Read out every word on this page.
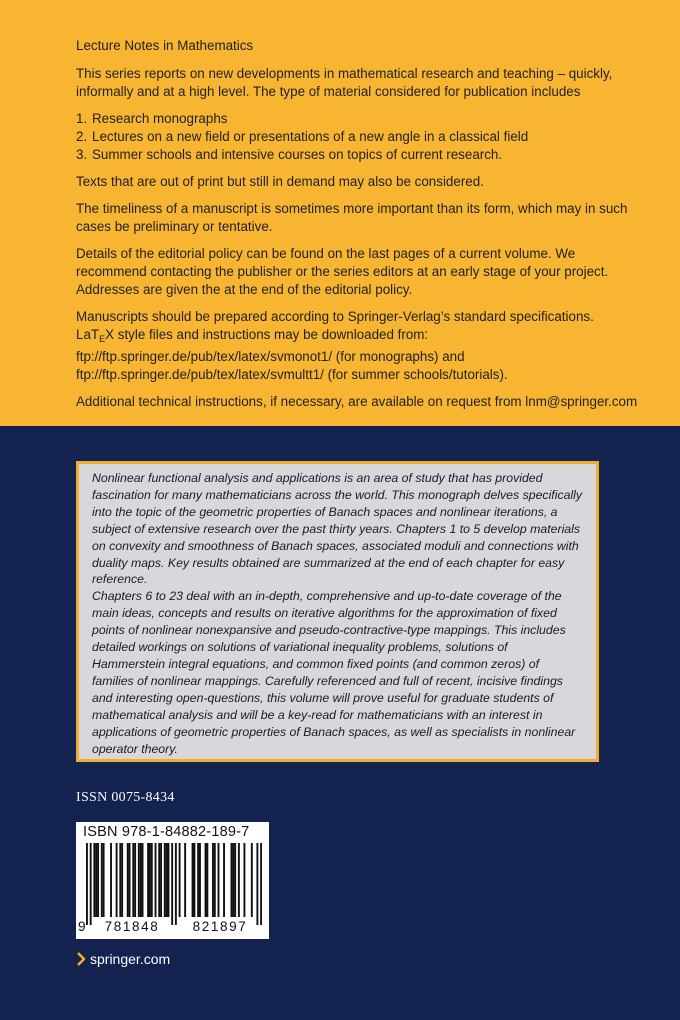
Lecture Notes in Mathematics

This series reports on new developments in mathematical research and teaching – quickly, informally and at a high level. The type of material considered for publication includes

1. Research monographs
2. Lectures on a new field or presentations of a new angle in a classical field
3. Summer schools and intensive courses on topics of current research.

Texts that are out of print but still in demand may also be considered.

The timeliness of a manuscript is sometimes more important than its form, which may in such cases be preliminary or tentative.

Details of the editorial policy can be found on the last pages of a current volume. We recommend contacting the publisher or the series editors at an early stage of your project. Addresses are given the at the end of the editorial policy.

Manuscripts should be prepared according to Springer-Verlag’s standard specifications.
LaT$_E$X style files and instructions may be downloaded from:
ftp://ftp.springer.de/pub/tex/latex/svmonot1/ (for monographs) and
ftp://ftp.springer.de/pub/tex/latex/svmultt1/ (for summer schools/tutorials).

Additional technical instructions, if necessary, are available on request from lnm@springer.com

Nonlinear functional analysis and applications is an area of study that has provided fascination for many mathematicians across the world. This monograph delves specifically into the topic of the geometric properties of Banach spaces and nonlinear iterations, a subject of extensive research over the past thirty years. Chapters 1 to 5 develop materials on convexity and smoothness of Banach spaces, associated moduli and connections with duality maps. Key results obtained are summarized at the end of each chapter for easy reference.

Chapters 6 to 23 deal with an in-depth, comprehensive and up-to-date coverage of the main ideas, concepts and results on iterative algorithms for the approximation of fixed points of nonlinear nonexpansive and pseudo-contractive-type mappings. This includes detailed workings on solutions of variational inequality problems, solutions of Hammerstein integral equations, and common fixed points (and common zeros) of families of nonlinear mappings. Carefully referenced and full of recent, incisive findings and interesting open-questions, this volume will prove useful for graduate students of mathematical analysis and will be a key-read for mathematicians with an interest in applications of geometric properties of Banach spaces, as well as specialists in nonlinear operator theory.

ISSN 0075-8434
ISBN 978-1-84882-189-7
9	781848	821897
springer.com
